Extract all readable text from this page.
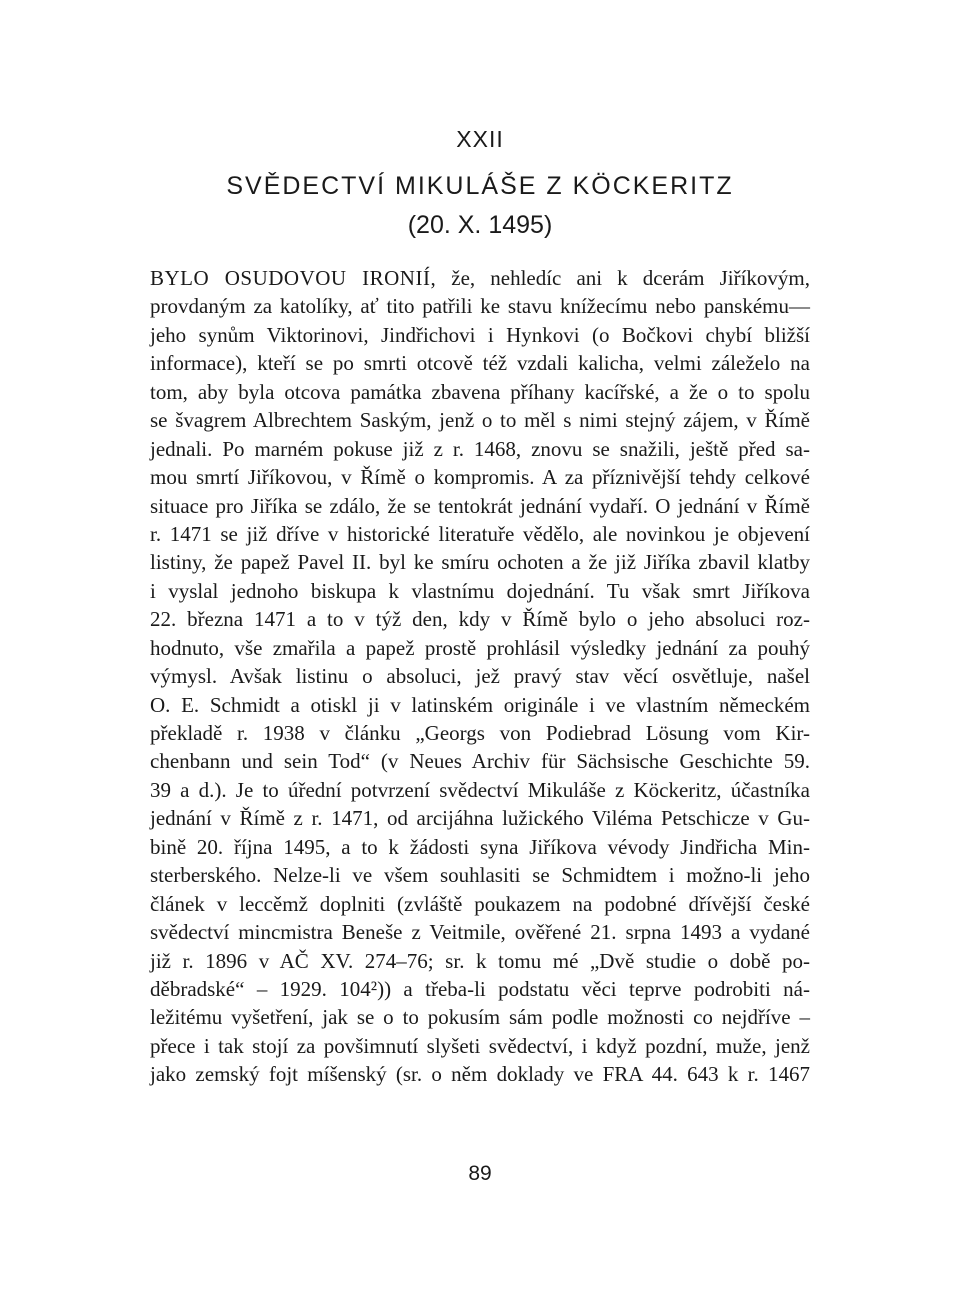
XXII
SVĚDECTVÍ MIKULÁŠE Z KÖCKERITZ
(20. X. 1495)
BYLO OSUDOVOU IRONIÍ, že, nehledíc ani k dcerám Jiříkovým,
provdaným za katolíky, ať tito patřili ke stavu knížecímu nebo panskému—
jeho synům Viktorinovi, Jindřichovi i Hynkovi (o Bočkovi chybí bližší
informace), kteří se po smrti otcově též vzdali kalicha, velmi záleželo na
tom, aby byla otcova památka zbavena příhany kacířské, a že o to spolu
se švagrem Albrechtem Saským, jenž o to měl s nimi stejný zájem, v Římě
jednali. Po marném pokuse již z r. 1468, znovu se snažili, ještě před sa-
mou smrtí Jiříkovou, v Římě o kompromis. A za příznivější tehdy celkové
situace pro Jiříka se zdálo, že se tentokrát jednání vydaří. O jednání v Římě
r. 1471 se již dříve v historické literatuře vědělo, ale novinkou je objevení
listiny, že papež Pavel II. byl ke smíru ochoten a že již Jiříka zbavil klatby
i vyslal jednoho biskupa k vlastnímu dojednání. Tu však smrt Jiříkova
22. března 1471 a to v týž den, kdy v Římě bylo o jeho absoluci roz-
hodnuto, vše zmařila a papež prostě prohlásil výsledky jednání za pouhý
výmysl. Avšak listinu o absoluci, jež pravý stav věcí osvětluje, našel
O. E. Schmidt a otiskl ji v latinském originále i ve vlastním německém
překladě r. 1938 v článku „Georgs von Podiebrad Lösung vom Kir-
chenbann und sein Tod“ (v Neues Archiv für Sächsische Geschichte 59.
39 a d.). Je to úřední potvrzení svědectví Mikuláše z Köckeritz, účastníka
jednání v Římě z r. 1471, od arcijáhna lužického Viléma Petschicze v Gu-
bině 20. října 1495, a to k žádosti syna Jiříkova vévody Jindřicha Min-
sterberského. Nelze-li ve všem souhlasiti se Schmidtem i možno-li jeho
článek v leccěmž doplniti (zvláště poukazem na podobné dřívější české
svědectví mincmistra Beneše z Veitmile, ověřené 21. srpna 1493 a vydané
již r. 1896 v AČ XV. 274–76; sr. k tomu mé „Dvě studie o době po-
děbradské“ – 1929. 104²)) a třeba-li podstatu věci teprve podrobiti ná-
ležitému vyšetření, jak se o to pokusím sám podle možnosti co nejdříve –
přece i tak stojí za povšimnutí slyšeti svědectví, i když pozdní, muže, jenž
jako zemský fojt míšenský (sr. o něm doklady ve FRA 44. 643 k r. 1467
89
